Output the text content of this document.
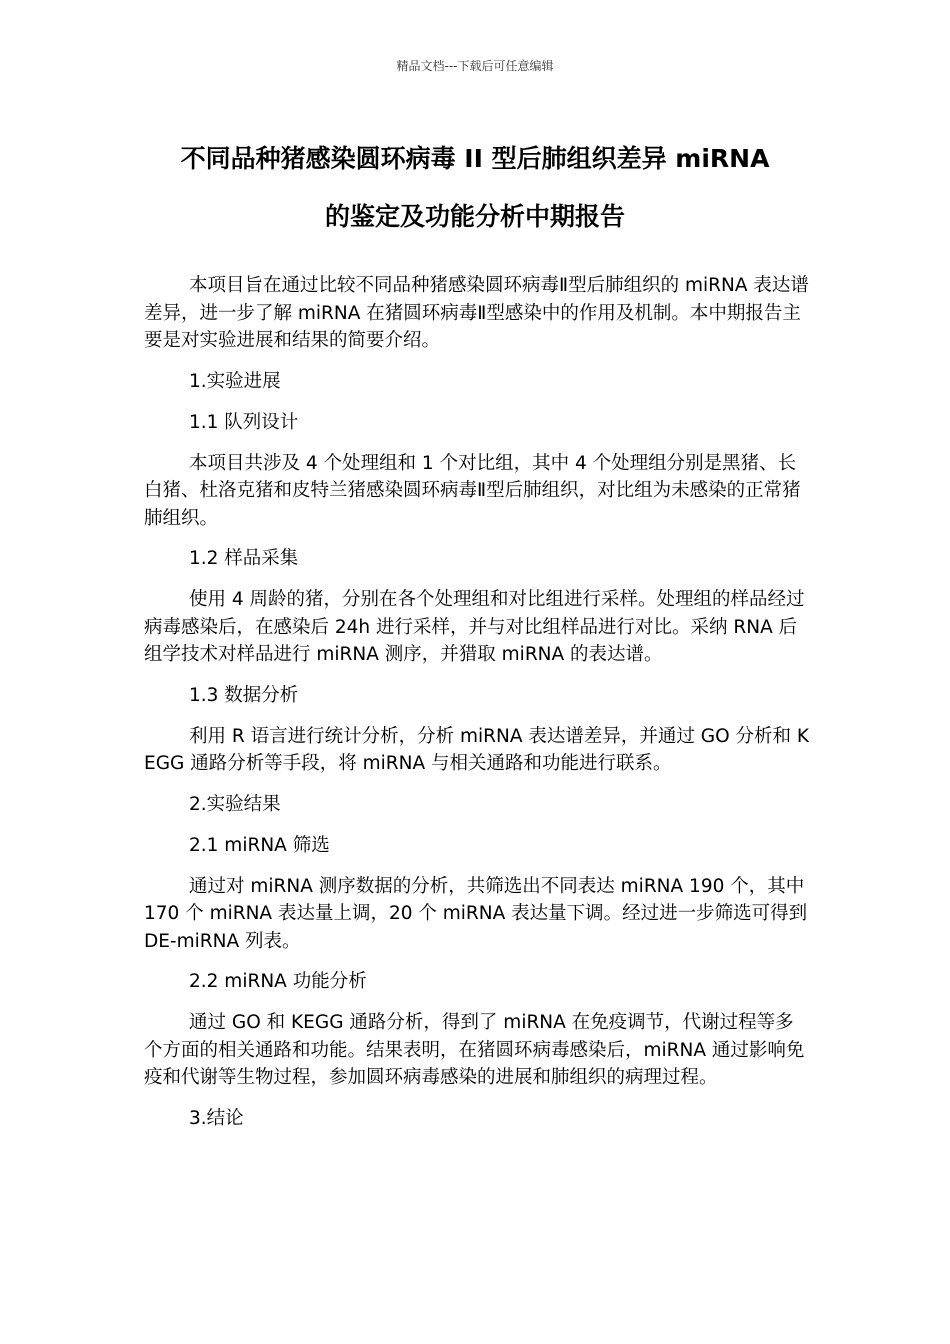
精品文档---下载后可任意编辑
不同品种猪感染圆环病毒 II 型后肺组织差异 miRNA
的鉴定及功能分析中期报告

本项目旨在通过比较不同品种猪感染圆环病毒Ⅱ型后肺组织的 miRNA 表达谱差异，进一步了解 miRNA 在猪圆环病毒Ⅱ型感染中的作用及机制。本中期报告主要是对实验进展和结果的简要介绍。

1.实验进展
1.1 队列设计

本项目共涉及 4 个处理组和 1 个对比组，其中 4 个处理组分别是黑猪、长白猪、杜洛克猪和皮特兰猪感染圆环病毒Ⅱ型后肺组织，对比组为未感染的正常猪肺组织。

1.2 样品采集

使用 4 周龄的猪，分别在各个处理组和对比组进行采样。处理组的样品经过病毒感染后，在感染后 24h 进行采样，并与对比组样品进行对比。采纳 RNA 后组学技术对样品进行 miRNA 测序，并猎取 miRNA 的表达谱。

1.3 数据分析

利用 R 语言进行统计分析，分析 miRNA 表达谱差异，并通过 GO 分析和 KEGG 通路分析等手段，将 miRNA 与相关通路和功能进行联系。

2.实验结果
2.1 miRNA 筛选

通过对 miRNA 测序数据的分析，共筛选出不同表达 miRNA 190 个，其中 170 个 miRNA 表达量上调，20 个 miRNA 表达量下调。经过进一步筛选可得到 DE-miRNA 列表。

2.2 miRNA 功能分析

通过 GO 和 KEGG 通路分析，得到了 miRNA 在免疫调节，代谢过程等多个方面的相关通路和功能。结果表明，在猪圆环病毒感染后，miRNA 通过影响免疫和代谢等生物过程，参加圆环病毒感染的进展和肺组织的病理过程。

3.结论
